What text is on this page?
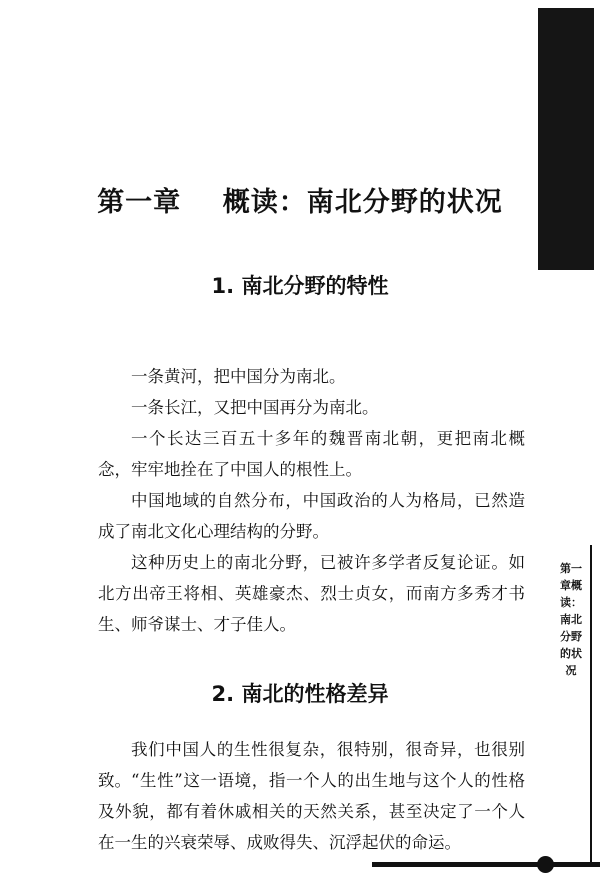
第一章    概读：南北分野的状况
1. 南北分野的特性

一条黄河，把中国分为南北。

一条长江，又把中国再分为南北。

一个长达三百五十多年的魏晋南北朝，更把南北概念，牢牢地拴在了中国人的根性上。

中国地域的自然分布，中国政治的人为格局，已然造成了南北文化心理结构的分野。

这种历史上的南北分野，已被许多学者反复论证。如北方出帝王将相、英雄豪杰、烈士贞女，而南方多秀才书生、师爷谋士、才子佳人。

2. 南北的性格差异

我们中国人的生性很复杂，很特别，很奇异，也很别致。 “生性”这一语境，指一个人的出生地与这个人的性格及外貌，都有着休戚相关的天然关系，甚至决定了一个人在一生的兴衰荣辱、成败得失、沉浮起伏的命运。

第一章概读：南北分野的状况
